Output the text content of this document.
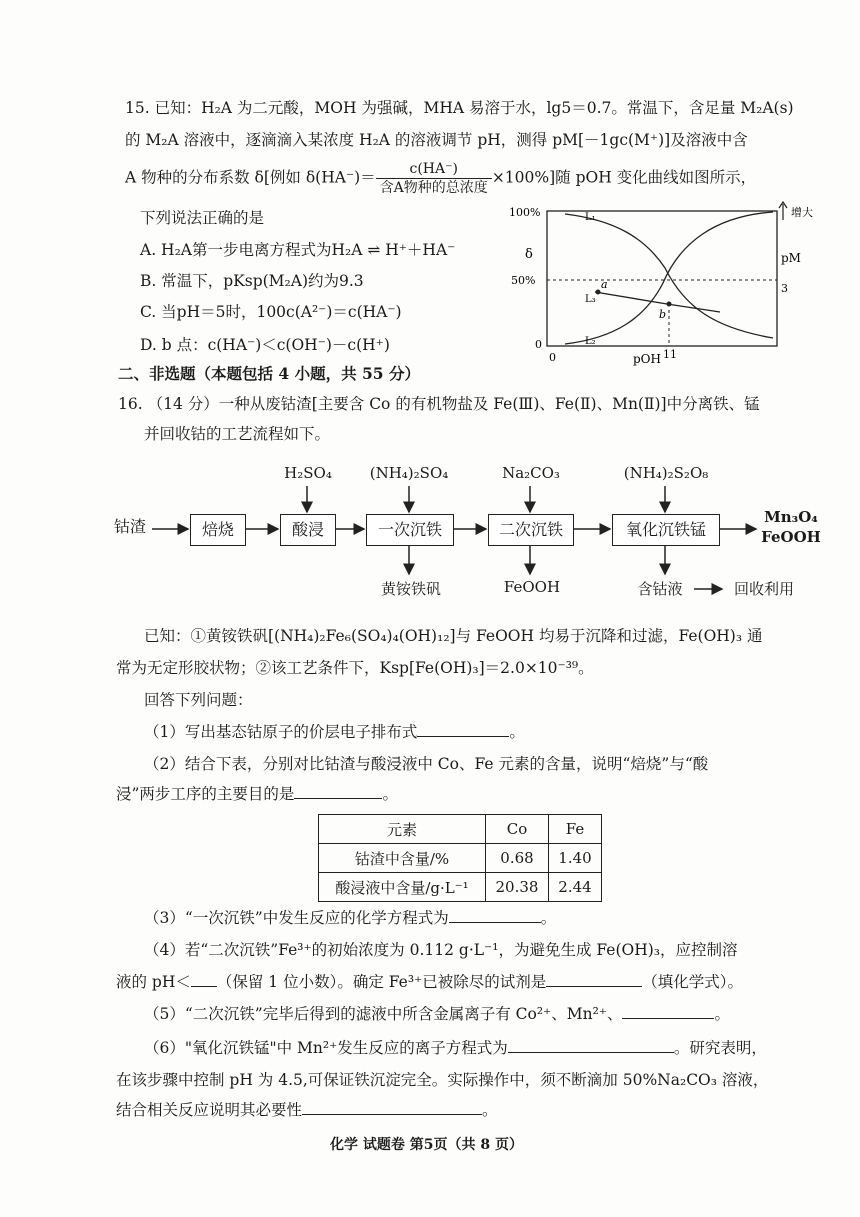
15. 已知：H₂A 为二元酸，MOH 为强碱，MHA 易溶于水，lg5＝0.7。常温下，含足量 M₂A(s)
的 M₂A 溶液中，逐滴滴入某浓度 H₂A 的溶液调节 pH，测得 pM[－1gc(M⁺)]及溶液中含
A 物种的分布系数 δ[例如 $\delta(HA^-)= \frac{c(HA^-)}{\text{含A物种的总浓度}} \times 100\%$]随 pOH 变化曲线如图所示，
下列说法正确的是
A. H₂A第一步电离方程式为H₂A ⇌ H⁺＋HA⁻
B. 常温下，pKsp(M₂A)约为9.3
C. 当pH＝5时，100c(A²⁻)＝c(HA⁻)
D. b 点：c(HA⁻)＜c(OH⁻)－c(H⁺)
100%
50%
0
δ
0	pOH 11
pM
3
增大
L₁
L₂
L₃
a
b
二、非选题（本题包括 4 小题，共 55 分）
16. （14 分）一种从废钴渣[主要含 Co 的有机物盐及 Fe(Ⅲ)、Fe(Ⅱ)、Mn(Ⅱ)]中分离铁、锰
并回收钴的工艺流程如下。
钴渣	焙烧	酸浸	一次沉铁	二次沉铁	氧化沉铁锰
H₂SO₄	(NH₄)₂SO₄	Na₂CO₃	(NH₄)₂S₂O₈
黄铵铁矾	FeOOH	含钴液	回收利用
Mn₃O₄
FeOOH
已知：①黄铵铁矾[(NH₄)₂Fe₆(SO₄)₄(OH)₁₂]与 FeOOH 均易于沉降和过滤，Fe(OH)₃ 通
常为无定形胶状物；②该工艺条件下，Ksp[Fe(OH)₃]＝2.0×10⁻³⁹。
回答下列问题：
（1）写出基态钴原子的价层电子排布式	。
（2）结合下表，分别对比钴渣与酸浸液中 Co、Fe 元素的含量，说明“焙烧”与“酸
浸”两步工序的主要目的是	。
元素	Co	Fe
钴渣中含量/%	0.68	1.40
酸浸液中含量/g·L⁻¹	20.38	2.44
（3）“一次沉铁”中发生反应的化学方程式为	。
（4）若“二次沉铁”Fe³⁺的初始浓度为 0.112 g·L⁻¹，为避免生成 Fe(OH)₃，应控制溶
液的 pH＜ （保留 1 位小数）。确定 Fe³⁺已被除尽的试剂是	（填化学式）。
（5）“二次沉铁”完毕后得到的滤液中所含金属离子有 Co²⁺、Mn²⁺、	。
（6）"氧化沉铁锰"中 Mn²⁺发生反应的离子方程式为	。研究表明，
在该步骤中控制 pH 为 4.5,可保证铁沉淀完全。实际操作中，须不断滴加 50%Na₂CO₃ 溶液，
结合相关反应说明其必要性	。
化学 试题卷 第5页（共 8 页）
